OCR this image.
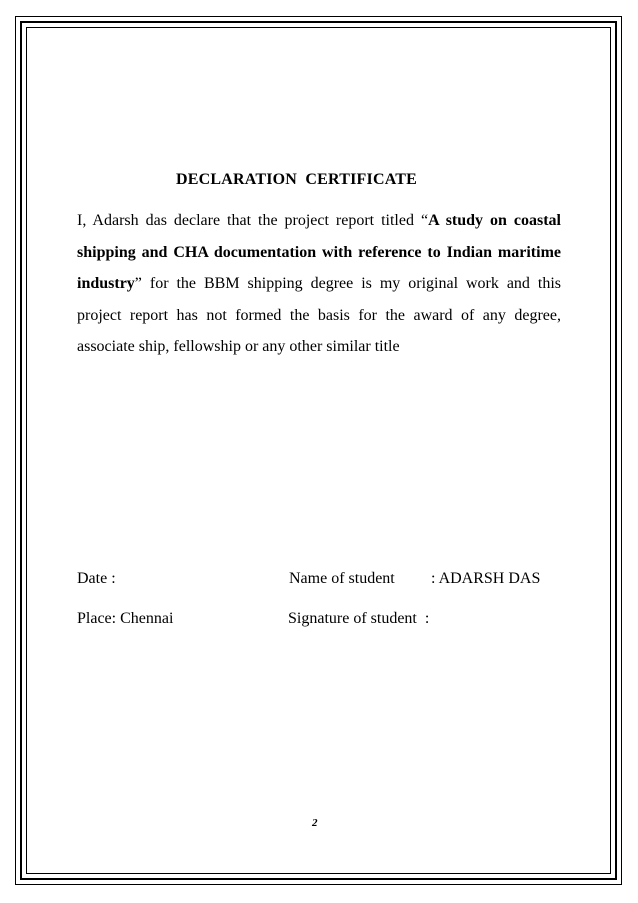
DECLARATION  CERTIFICATE
I, Adarsh das declare that the project report titled “A study on coastal shipping and CHA documentation with reference to Indian maritime industry” for the BBM shipping degree is my original work and this project report has not formed the basis for the award of any degree, associate ship, fellowship or any other similar title
Date :	Name of student : ADARSH DAS
Place: Chennai	Signature of student  :
2
